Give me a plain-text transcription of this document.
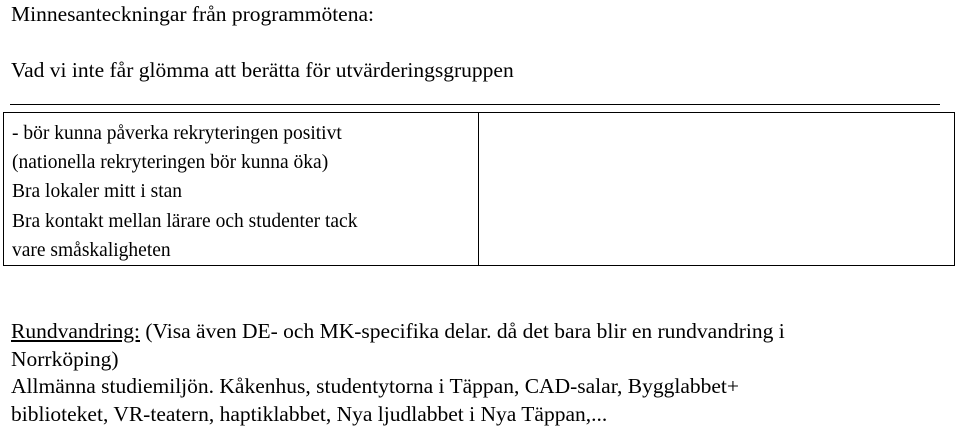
Minnesanteckningar från programmötena:
Vad vi inte får glömma att berätta för utvärderingsgruppen
- bör kunna påverka rekryteringen positivt
(nationella rekryteringen bör kunna öka)
Bra lokaler mitt i stan
Bra kontakt mellan lärare och studenter tack
vare småskaligheten

Rundvandring: (Visa även DE- och MK-specifika delar. då det bara blir en rundvandring i
Norrköping)
Allmänna studiemiljön. Kåkenhus, studentytorna i Täppan, CAD-salar, Bygglabbet+
biblioteket, VR-teatern, haptiklabbet, Nya ljudlabbet i Nya Täppan,...
